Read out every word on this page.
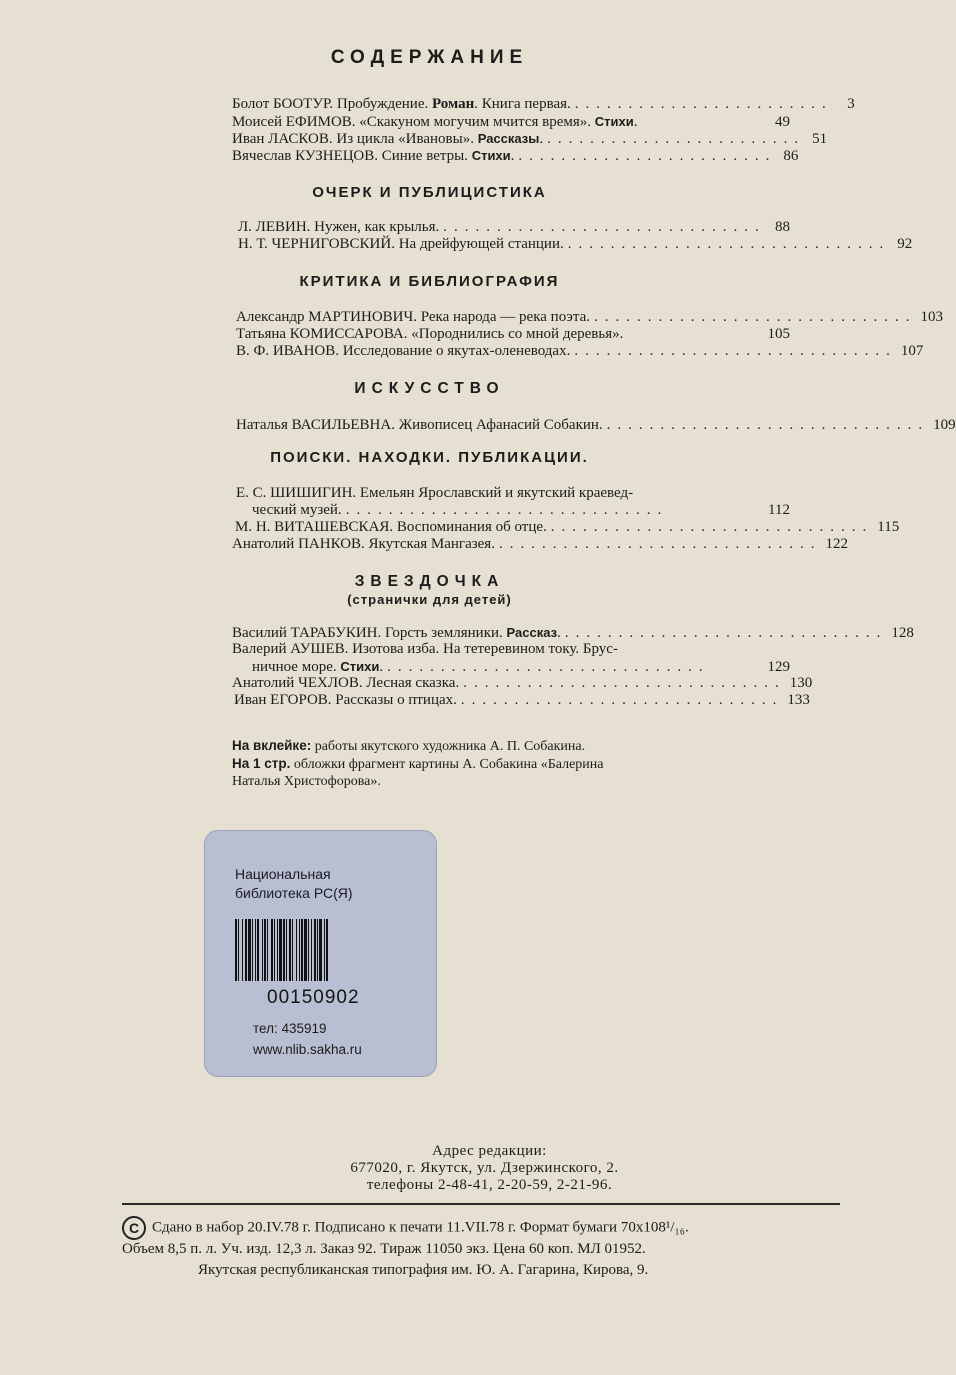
СОДЕРЖАНИЕ
Болот БООТУР. Пробуждение. Роман. Книга первая. ........................ 3
Моисей ЕФИМОВ. «Скакуном могучим мчится время». Стихи.	49
Иван ЛАСКОВ. Из цикла «Ивановы». Рассказы. ........................ 51
Вячеслав КУЗНЕЦОВ. Синие ветры. Стихи. ........................ 86
ОЧЕРК И ПУБЛИЦИСТИКА
Л. ЛЕВИН. Нужен, как крылья. .............................. 88
Н. Т. ЧЕРНИГОВСКИЙ. На дрейфующей станции. .............................. 92
КРИТИКА И БИБЛИОГРАФИЯ
Александр МАРТИНОВИЧ. Река народа — река поэта. .............................. 103
Татьяна КОМИССАРОВА. «Породнились со мной деревья».	105
В. Ф. ИВАНОВ. Исследование о якутах-оленеводах. .............................. 107
ИСКУССТВО
Наталья ВАСИЛЬЕВНА. Живописец Афанасий Собакин. .............................. 109
ПОИСКИ. НАХОДКИ. ПУБЛИКАЦИИ.
Е. С. ШИШИГИН. Емельян Ярославский и якутский краевед-
ческий музей. ..............................	112
М. Н. ВИТАШЕВСКАЯ. Воспоминания об отце. .............................. 115
Анатолий ПАНКОВ. Якутская Мангазея. .............................. 122
ЗВЕЗДОЧКА
(странички для детей)
Василий ТАРАБУКИН. Горсть земляники. Рассказ. .............................. 128
Валерий АУШЕВ. Изотова изба. На тетеревином току. Брус-
ничное море. Стихи. ..............................	129
Анатолий ЧЕХЛОВ. Лесная сказка. .............................. 130
Иван ЕГОРОВ. Рассказы о птицах. .............................. 133
На вклейке: работы якутского художника А. П. Собакина.
На 1 стр. обложки фрагмент картины А. Собакина «Балерина
Наталья Христофорова».
Национальная
библиотека РС(Я)
00150902
тел: 435919
www.nlib.sakha.ru
Адрес редакции:
677020, г. Якутск, ул. Дзержинского, 2.
телефоны 2-48-41, 2-20-59, 2-21-96.
С Сдано в набор 20.IV.78 г. Подписано к печати 11.VII.78 г. Формат бумаги 70x108¹/₁₆.
Объем 8,5 п. л. Уч. изд. 12,3 л. Заказ 92. Тираж 11050 экз. Цена 60 коп. МЛ 01952.
Якутская республиканская типография им. Ю. А. Гагарина, Кирова, 9.
